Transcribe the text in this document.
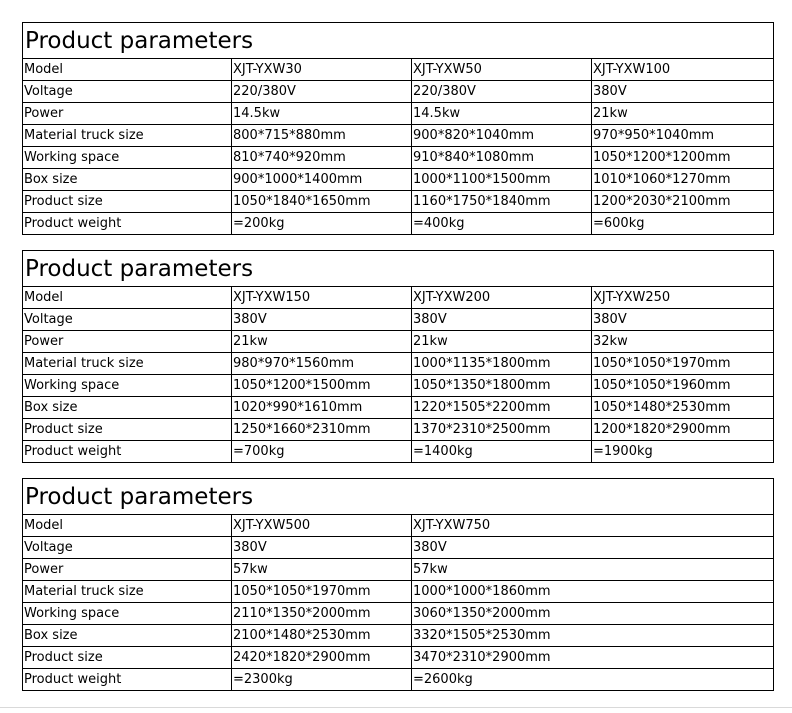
Product parameters			
Model	XJT-YXW30	XJT-YXW50	XJT-YXW100
Voltage	220/380V	220/380V	380V
Power	14.5kw	14.5kw	21kw
Material truck size	800*715*880mm	900*820*1040mm	970*950*1040mm
Working space	810*740*920mm	910*840*1080mm	1050*1200*1200mm
Box size	900*1000*1400mm	1000*1100*1500mm	1010*1060*1270mm
Product size	1050*1840*1650mm	1160*1750*1840mm	1200*2030*2100mm
Product weight	=200kg	=400kg	=600kg
Product parameters			
Model	XJT-YXW150	XJT-YXW200	XJT-YXW250
Voltage	380V	380V	380V
Power	21kw	21kw	32kw
Material truck size	980*970*1560mm	1000*1135*1800mm	1050*1050*1970mm
Working space	1050*1200*1500mm	1050*1350*1800mm	1050*1050*1960mm
Box size	1020*990*1610mm	1220*1505*2200mm	1050*1480*2530mm
Product size	1250*1660*2310mm	1370*2310*2500mm	1200*1820*2900mm
Product weight	=700kg	=1400kg	=1900kg
Product parameters		
Model	XJT-YXW500	XJT-YXW750
Voltage	380V	380V
Power	57kw	57kw
Material truck size	1050*1050*1970mm	1000*1000*1860mm
Working space	2110*1350*2000mm	3060*1350*2000mm
Box size	2100*1480*2530mm	3320*1505*2530mm
Product size	2420*1820*2900mm	3470*2310*2900mm
Product weight	=2300kg	=2600kg
